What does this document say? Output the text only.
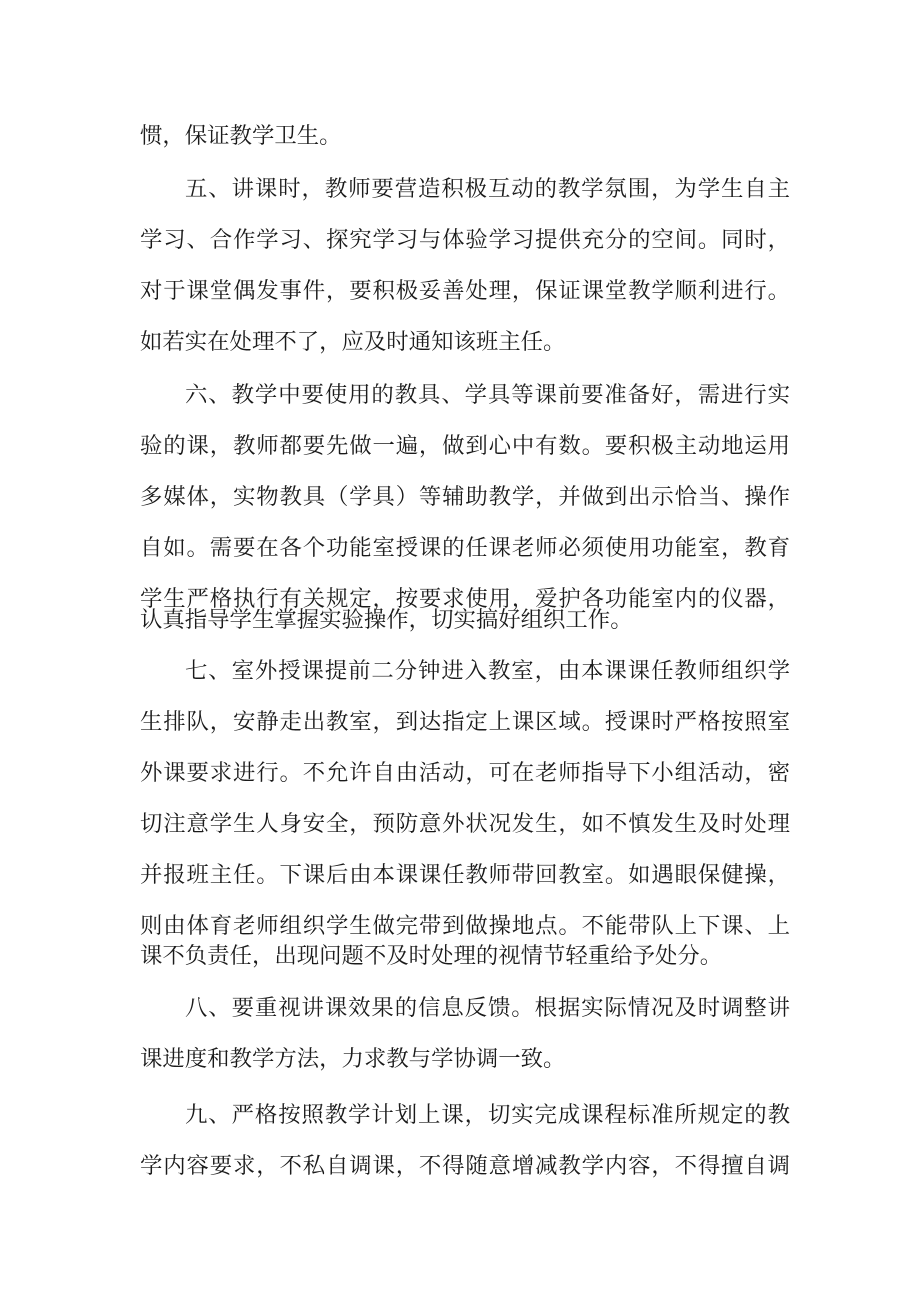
惯，保证教学卫生。
五、讲课时，教师要营造积极互动的教学氛围，为学生自主
学习、合作学习、探究学习与体验学习提供充分的空间。同时，
对于课堂偶发事件，要积极妥善处理，保证课堂教学顺利进行。
如若实在处理不了，应及时通知该班主任。
六、教学中要使用的教具、学具等课前要准备好，需进行实
验的课，教师都要先做一遍，做到心中有数。要积极主动地运用
多媒体，实物教具（学具）等辅助教学，并做到出示恰当、操作
自如。需要在各个功能室授课的任课老师必须使用功能室，教育
学生严格执行有关规定，按要求使用，爱护各功能室内的仪器，
认真指导学生掌握实验操作，切实搞好组织工作。
七、室外授课提前二分钟进入教室，由本课课任教师组织学
生排队，安静走出教室，到达指定上课区域。授课时严格按照室
外课要求进行。不允许自由活动，可在老师指导下小组活动，密
切注意学生人身安全，预防意外状况发生，如不慎发生及时处理
并报班主任。下课后由本课课任教师带回教室。如遇眼保健操，
则由体育老师组织学生做完带到做操地点。不能带队上下课、上
课不负责任，出现问题不及时处理的视情节轻重给予处分。
八、要重视讲课效果的信息反馈。根据实际情况及时调整讲
课进度和教学方法，力求教与学协调一致。
九、严格按照教学计划上课，切实完成课程标准所规定的教
学内容要求，不私自调课，不得随意增减教学内容，不得擅自调
